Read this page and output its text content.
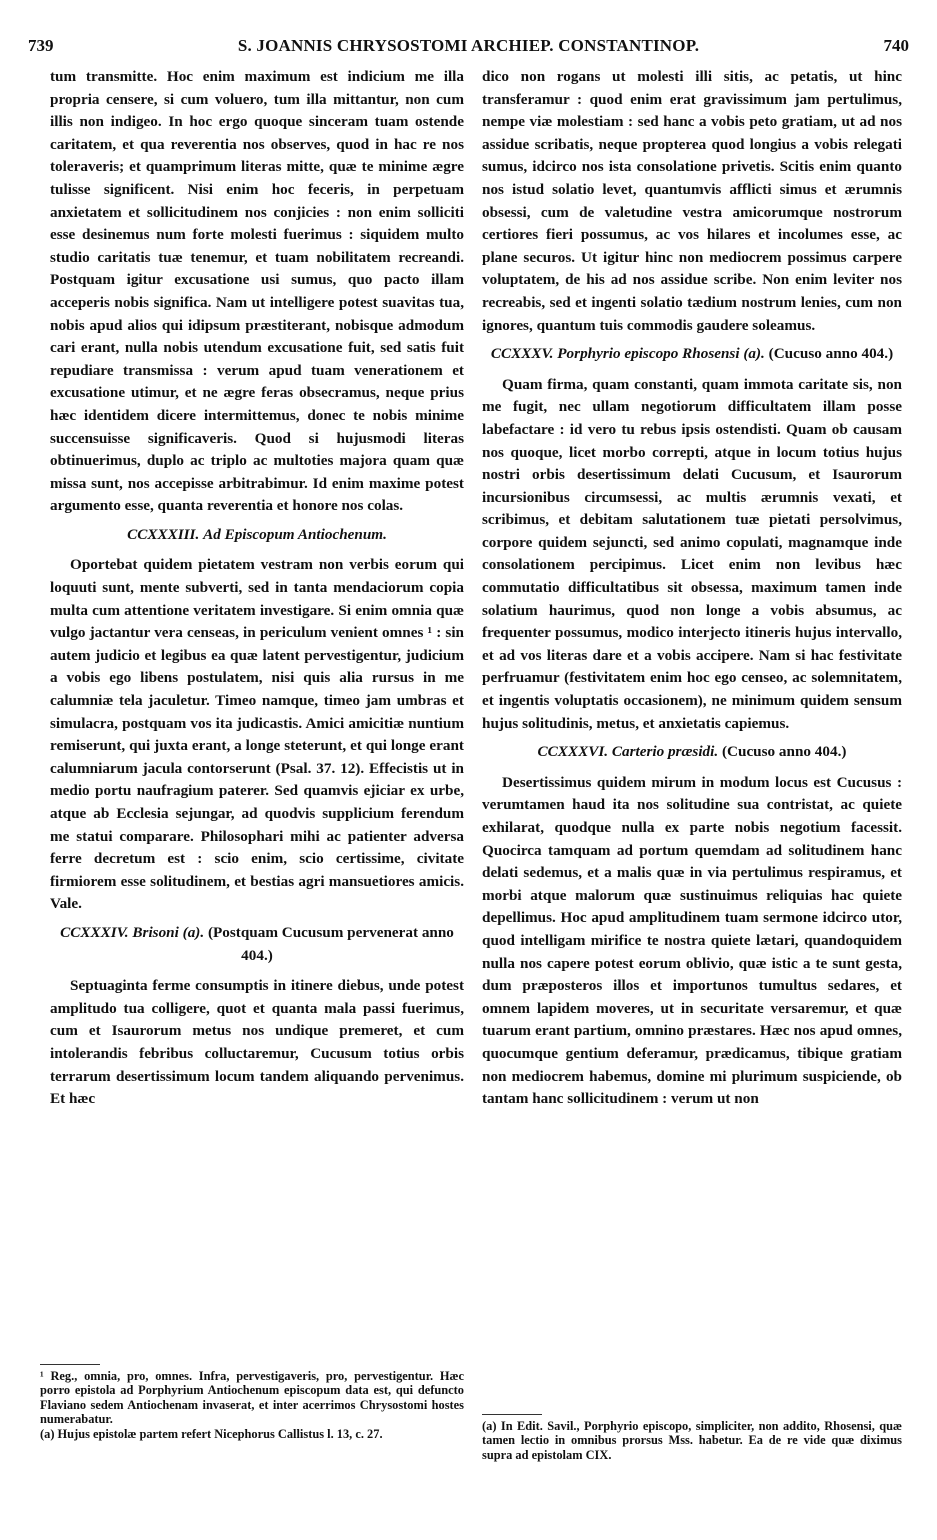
739	S. JOANNIS CHRYSOSTOMI ARCHIEP. CONSTANTINOP.	740

tum transmitte. Hoc enim maximum est indicium me illa propria censere, si cum voluero, tum illa mittantur, non cum illis non indigeo. In hoc ergo quoque sinceram tuam ostende caritatem, et qua reverentia nos observes, quod in hac re nos toleraveris; et quamprimum literas mitte, quæ te minime ægre tulisse significent. Nisi enim hoc feceris, in perpetuam anxietatem et sollicitudinem nos conjicies : non enim solliciti esse desinemus num forte molesti fuerimus : siquidem multo studio caritatis tuæ tenemur, et tuam nobilitatem recreandi. Postquam igitur excusatione usi sumus, quo pacto illam acceperis nobis significa. Nam ut intelligere potest suavitas tua, nobis apud alios qui idipsum præstiterant, nobisque admodum cari erant, nulla nobis utendum excusatione fuit, sed satis fuit repudiare transmissa : verum apud tuam venerationem et excusatione utimur, et ne ægre feras obsecramus, neque prius hæc identidem dicere intermittemus, donec te nobis minime succensuisse significaveris. Quod si hujusmodi literas obtinuerimus, duplo ac triplo ac multoties majora quam quæ missa sunt, nos accepisse arbitrabimur. Id enim maxime potest argumento esse, quanta reverentia et honore nos colas.

CCXXXIII. Ad Episcopum Antiochenum.

Oportebat quidem pietatem vestram non verbis eorum qui loquuti sunt, mente subverti, sed in tanta mendaciorum copia multa cum attentione veritatem investigare. Si enim omnia quæ vulgo jactantur vera censeas, in periculum venient omnes ¹ : sin autem judicio et legibus ea quæ latent pervestigentur, judicium a vobis ego libens postulatem, nisi quis alia rursus in me calumniæ tela jaculetur. Timeo namque, timeo jam umbras et simulacra, postquam vos ita judicastis. Amici amicitiæ nuntium remiserunt, qui juxta erant, a longe steterunt, et qui longe erant calumniarum jacula contorserunt (Psal. 37. 12). Effecistis ut in medio portu naufragium paterer. Sed quamvis ejiciar ex urbe, atque ab Ecclesia sejungar, ad quodvis supplicium ferendum me statui comparare. Philosophari mihi ac patienter adversa ferre decretum est : scio enim, scio certissime, civitate firmiorem esse solitudinem, et bestias agri mansuetiores amicis. Vale.

CCXXXIV. Brisoni (a). (Postquam Cucusum pervenerat anno 404.)

Septuaginta ferme consumptis in itinere diebus, unde potest amplitudo tua colligere, quot et quanta mala passi fuerimus, cum et Isaurorum metus nos undique premeret, et cum intolerandis febribus colluctaremur, Cucusum totius orbis terrarum desertissimum locum tandem aliquando pervenimus. Et hæc

¹ Reg., omnia, pro, omnes. Infra, pervestigaveris, pro, pervestigentur. Hæc porro epistola ad Porphyrium Antiochenum episcopum data est, qui defuncto Flaviano sedem Antiochenam invaserat, et inter acerrimos Chrysostomi hostes numerabatur.

(a) Hujus epistolæ partem refert Nicephorus Callistus l. 13, c. 27.

dico non rogans ut molesti illi sitis, ac petatis, ut hinc transferamur : quod enim erat gravissimum jam pertulimus, nempe viæ molestiam : sed hanc a vobis peto gratiam, ut ad nos assidue scribatis, neque propterea quod longius a vobis relegati sumus, idcirco nos ista consolatione privetis. Scitis enim quanto nos istud solatio levet, quantumvis afflicti simus et ærumnis obsessi, cum de valetudine vestra amicorumque nostrorum certiores fieri possumus, ac vos hilares et incolumes esse, ac plane securos. Ut igitur hinc non mediocrem possimus carpere voluptatem, de his ad nos assidue scribe. Non enim leviter nos recreabis, sed et ingenti solatio tædium nostrum lenies, cum non ignores, quantum tuis commodis gaudere soleamus.

CCXXXV. Porphyrio episcopo Rhosensi (a). (Cucuso anno 404.)

Quam firma, quam constanti, quam immota caritate sis, non me fugit, nec ullam negotiorum difficultatem illam posse labefactare : id vero tu rebus ipsis ostendisti. Quam ob causam nos quoque, licet morbo correpti, atque in locum totius hujus nostri orbis desertissimum delati Cucusum, et Isaurorum incursionibus circumsessi, ac multis ærumnis vexati, et scribimus, et debitam salutationem tuæ pietati persolvimus, corpore quidem sejuncti, sed animo copulati, magnamque inde consolationem percipimus. Licet enim non levibus hæc commutatio difficultatibus sit obsessa, maximum tamen inde solatium haurimus, quod non longe a vobis absumus, ac frequenter possumus, modico interjecto itineris hujus intervallo, et ad vos literas dare et a vobis accipere. Nam si hac festivitate perfruamur (festivitatem enim hoc ego censeo, ac solemnitatem, et ingentis voluptatis occasionem), ne minimum quidem sensum hujus solitudinis, metus, et anxietatis capiemus.

CCXXXVI. Carterio præsidi. (Cucuso anno 404.)

Desertissimus quidem mirum in modum locus est Cucusus : verumtamen haud ita nos solitudine sua contristat, ac quiete exhilarat, quodque nulla ex parte nobis negotium facessit. Quocirca tamquam ad portum quemdam ad solitudinem hanc delati sedemus, et a malis quæ in via pertulimus respiramus, et morbi atque malorum quæ sustinuimus reliquias hac quiete depellimus. Hoc apud amplitudinem tuam sermone idcirco utor, quod intelligam mirifice te nostra quiete lætari, quandoquidem nulla nos capere potest eorum oblivio, quæ istic a te sunt gesta, dum præposteros illos et importunos tumultus sedares, et omnem lapidem moveres, ut in securitate versaremur, et quæ tuarum erant partium, omnino præstares. Hæc nos apud omnes, quocumque gentium deferamur, prædicamus, tibique gratiam non mediocrem habemus, domine mi plurimum suspiciende, ob tantam hanc sollicitudinem : verum ut non

(a) In Edit. Savil., Porphyrio episcopo, simpliciter, non addito, Rhosensi, quæ tamen lectio in omnibus prorsus Mss. habetur. Ea de re vide quæ diximus supra ad epistolam CIX.
